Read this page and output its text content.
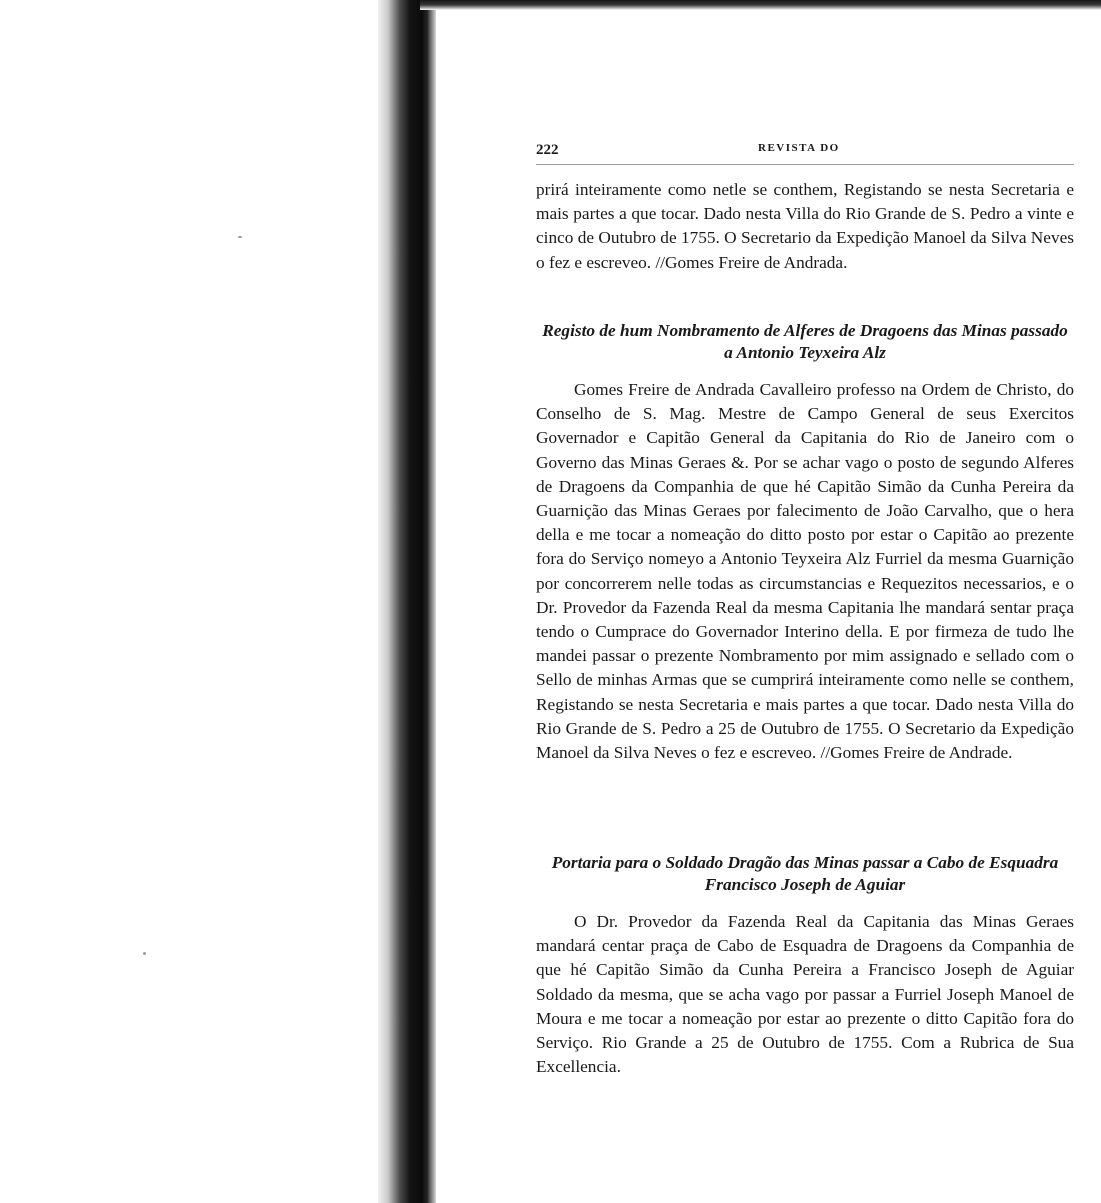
222	REVISTA DO

prirá inteiramente como netle se conthem, Registando se nesta Secretaria e mais partes a que tocar. Dado nesta Villa do Rio Grande de S. Pedro a vinte e cinco de Outubro de 1755. O Secretario da Expedição Manoel da Silva Neves o fez e escreveo. //Gomes Freire de Andrada.

Registo de hum Nombramento de Alferes de Dragoens das Minas passado a Antonio Teyxeira Alz

Gomes Freire de Andrada Cavalleiro professo na Ordem de Christo, do Conselho de S. Mag. Mestre de Campo General de seus Exercitos Governador e Capitão General da Capitania do Rio de Janeiro com o Governo das Minas Geraes &. Por se achar vago o posto de segundo Alferes de Dragoens da Companhia de que hé Capitão Simão da Cunha Pereira da Guarnição das Minas Geraes por falecimento de João Carvalho, que o hera della e me tocar a nomeação do ditto posto por estar o Capitão ao prezente fora do Serviço nomeyo a Antonio Teyxeira Alz Furriel da mesma Guarnição por concorrerem nelle todas as circumstancias e Requezitos necessarios, e o Dr. Provedor da Fazenda Real da mesma Capitania lhe mandará sentar praça tendo o Cumprace do Governador Interino della. E por firmeza de tudo lhe mandei passar o prezente Nombramento por mim assignado e sellado com o Sello de minhas Armas que se cumprirá inteiramente como nelle se conthem, Registando se nesta Secretaria e mais partes a que tocar. Dado nesta Villa do Rio Grande de S. Pedro a 25 de Outubro de 1755. O Secretario da Expedição Manoel da Silva Neves o fez e escreveo. //Gomes Freire de Andrade.

Portaria para o Soldado Dragão das Minas passar a Cabo de Esquadra Francisco Joseph de Aguiar

O Dr. Provedor da Fazenda Real da Capitania das Minas Geraes mandará centar praça de Cabo de Esquadra de Dragoens da Companhia de que hé Capitão Simão da Cunha Pereira a Francisco Joseph de Aguiar Soldado da mesma, que se acha vago por passar a Furriel Joseph Manoel de Moura e me tocar a nomeação por estar ao prezente o ditto Capitão fora do Serviço. Rio Grande a 25 de Outubro de 1755. Com a Rubrica de Sua Excellencia.
